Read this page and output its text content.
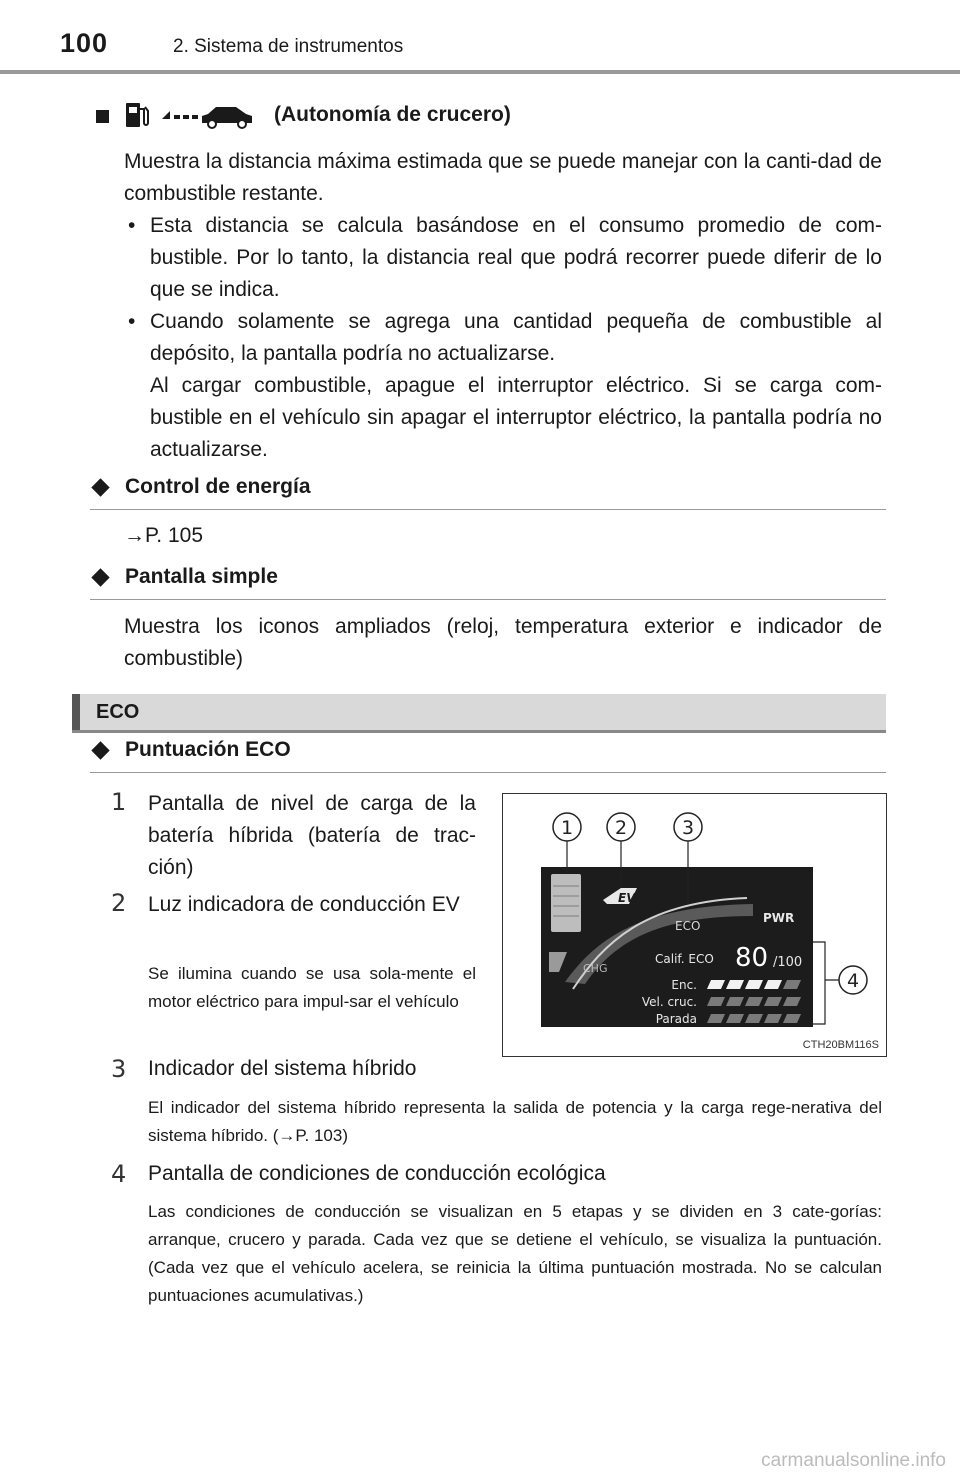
100	2. Sistema de instrumentos
(Autonomía de crucero)
Muestra la distancia máxima estimada que se puede manejar con la canti-dad de combustible restante.
• Esta distancia se calcula basándose en el consumo promedio de com-bustible. Por lo tanto, la distancia real que podrá recorrer puede diferir de lo que se indica.
• Cuando solamente se agrega una cantidad pequeña de combustible al depósito, la pantalla podría no actualizarse.
Al cargar combustible, apague el interruptor eléctrico. Si se carga com-bustible en el vehículo sin apagar el interruptor eléctrico, la pantalla podría no actualizarse.
Control de energía
→P. 105
Pantalla simple
Muestra los iconos ampliados (reloj, temperatura exterior e indicador de combustible)
ECO
Puntuación ECO
1 Pantalla de nivel de carga de la batería híbrida (batería de trac-ción)
2 Luz indicadora de conducción EV
Se ilumina cuando se usa sola-mente el motor eléctrico para impul-sar el vehículo
3 Indicador del sistema híbrido
El indicador del sistema híbrido representa la salida de potencia y la carga rege-nerativa del sistema híbrido. (→P. 103)
4 Pantalla de condiciones de conducción ecológica
Las condiciones de conducción se visualizan en 5 etapas y se dividen en 3 cate-gorías: arranque, crucero y parada. Cada vez que se detiene el vehículo, se visualiza la puntuación. (Cada vez que el vehículo acelera, se reinicia la última puntuación mostrada. No se calculan puntuaciones acumulativas.)
1 2	3
4
EV
ECO
PWR
CHG
Calif. ECO 80 /100
Enc.
Vel. cruc.
Parada
CTH20BM116S
carmanualsonline.info
